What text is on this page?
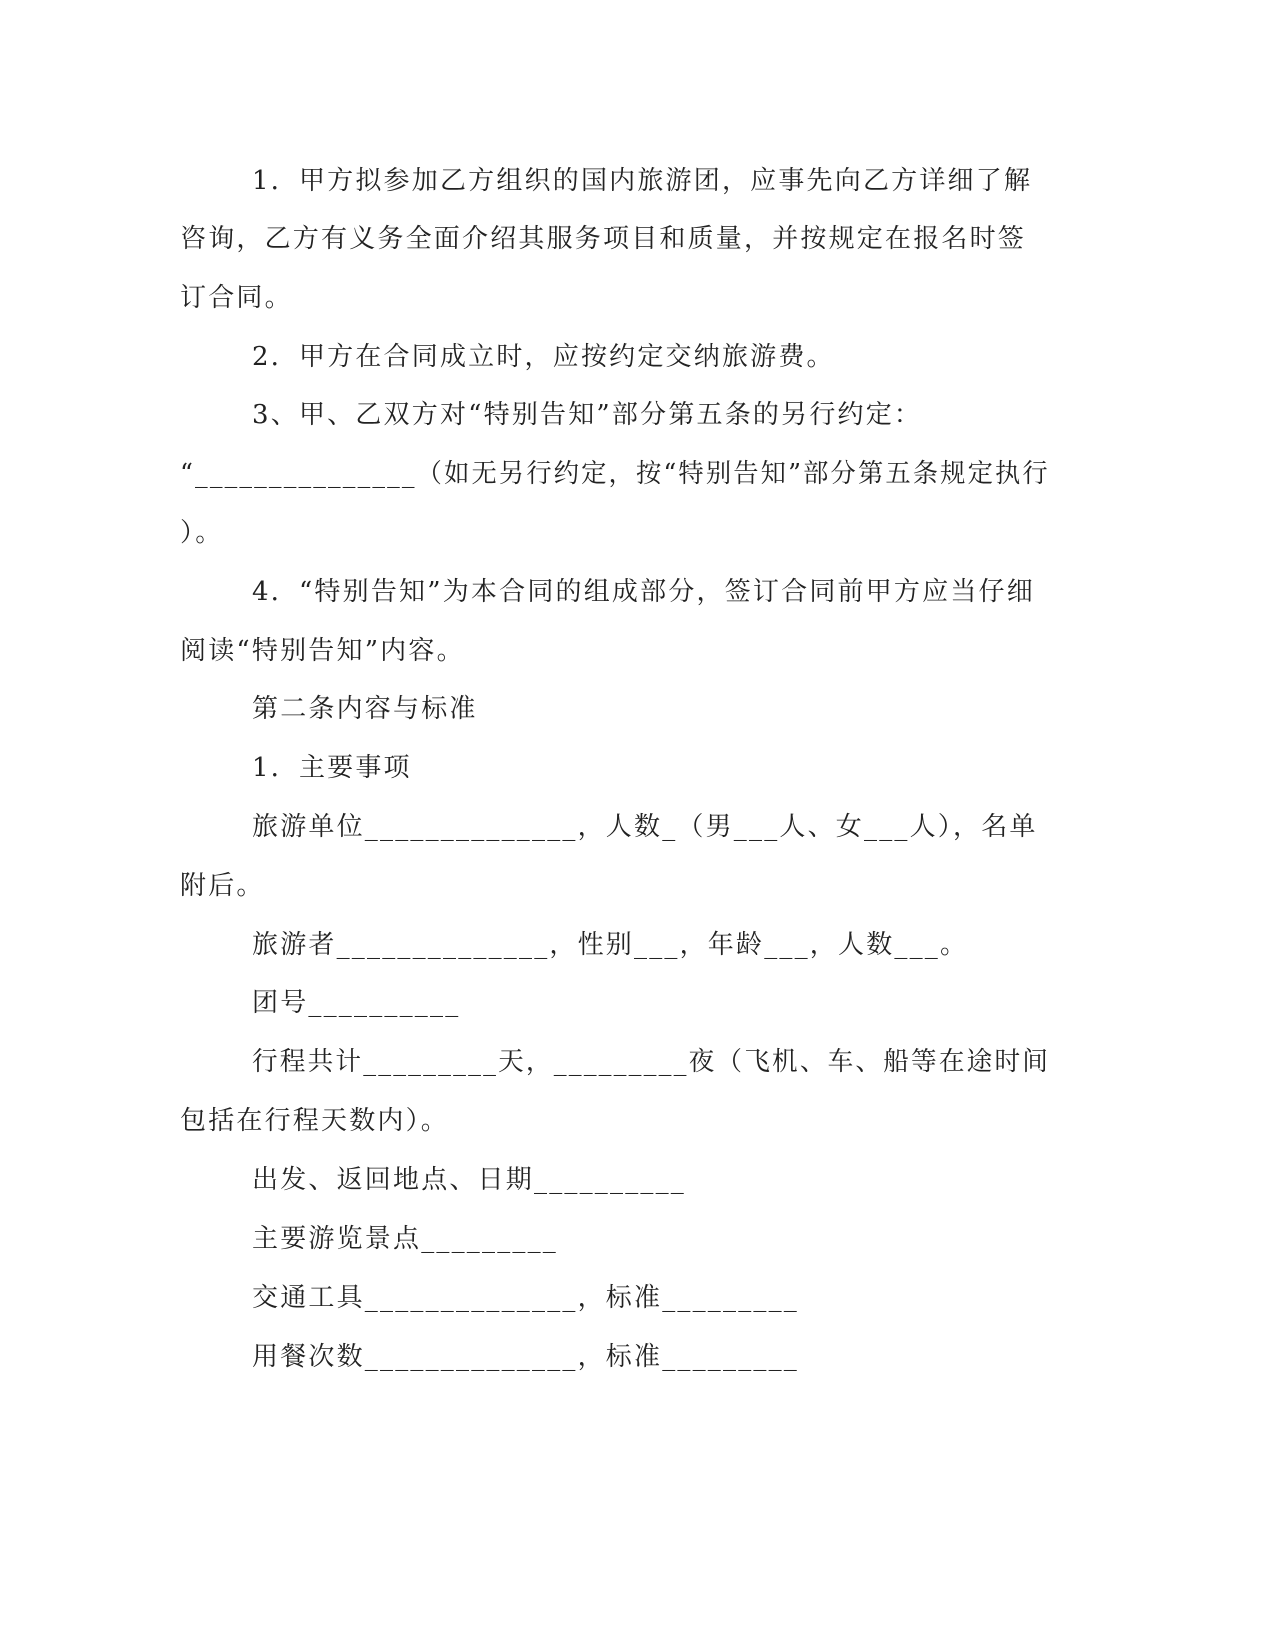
1．甲方拟参加乙方组织的国内旅游团，应事先向乙方详细了解
咨询，乙方有义务全面介绍其服务项目和质量，并按规定在报名时签
订合同。
2．甲方在合同成立时，应按约定交纳旅游费。
3、甲、乙双方对“特别告知”部分第五条的另行约定：
“_______________（如无另行约定，按“特别告知”部分第五条规定执行
）。
4．“特别告知”为本合同的组成部分，签订合同前甲方应当仔细
阅读“特别告知”内容。
第二条内容与标准
1．主要事项
旅游单位______________，人数_（男___人、女___人），名单
附后。
旅游者______________，性别___，年龄___，人数___。
团号__________
行程共计_________天，_________夜（飞机、车、船等在途时间
包括在行程天数内）。
出发、返回地点、日期__________
主要游览景点_________
交通工具______________，标准_________
用餐次数______________，标准_________
